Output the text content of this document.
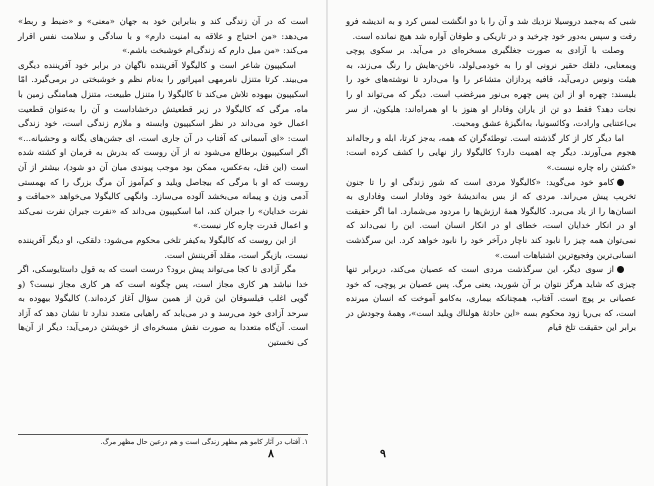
است كه در آن زندگی كند و بنابراین خود به جهان «معنی» و «ضبط و ربط» می‌دهد: «من احتیاج و علاقه به امنیت دارم» و با سادگی و سلامت نفس اقرار می‌كند: «من میل دارم كه زندگی‌ام خوشبخت باشم.»

اسكیپیون شاعر است و كالیگولا آفریننده ناگهان در برابر خود آفریننده دیگری می‌بیند. كرتا متنزل نامرمهی امپراتور را به‌نام نظم و خوشبختی در برمی‌گیرد. امّا اسكیپیون بیهوده تلاش می‌كند تا كالیگولا را متنزل طبیعت، متنزل همامنگی زمین با ماه، مرگی كه كالیگولا در زیر قطعیتش درخشاداست و آن را به‌عنوان قطعیت اعمال خود می‌داند در نظر اسكیپیون وابسته و ملازم زندگی است، خود زندگی است: «ای آسمانی كه آفتاب در آن جاری است، ای جشن‌های یگانه و وحشیانه...» اگر اسكیپیون برطالع می‌شود نه از آن روست كه بدرش به فرمان او كشته شده است (این قتل، به‌عكس، ممكن بود موجب پیوندی میان آن دو شود)، بیشتر از آن روست كه او با مرگی كه بیجاصل ویلید و كم‌آموز آن مرگ بزرگ را كه بهمستی آدمی وزن و پیمانه می‌بخشد آلوده می‌سازد. وانگهی كالیگولا می‌خواهد «حماقت و نفرت خدایان» را جبران كند، اما اسكیپیون می‌داند كه «نفرت جبران نفرت نمی‌كند و اعمال قدرت چاره كار نیست.»

از این روست كه كالیگولا به‌كیفر تلخی محكوم می‌شود: دلقكی، او دیگر آفریننده نیست، بازیگر است، مقلد آفریننش است.

مگر آزادی تا كجا می‌تواند پیش برود؟ درست است كه به قول داستایوسكی، اگر خدا نباشد هر كاری مجاز است، پس چگونه است كه هر كاری مجاز نیست؟ (و گویی اغلب فیلسوفان این قرن از همین سؤال آغاز كرده‌اند.) كالیگولا بیهوده به سرحد آزادی خود می‌رسد و در می‌یابد كه راهیابی متعدد ندارد تا نشان دهد كه آزاد است. آن‌گاه متعددا به صورت نقش مسخره‌ای از خویشتن درمی‌آید: دیگر از آن‌ها كی نخستین

١. آفتاب در آثار كامو هم مظهر زندگی است و هم درعین حال مظهر مرگ.
٨

شبی كه به‌جمد دروسیلا نزدیك شد و آن را با دو انگشت لمس كرد و به اندیشه فرو رفت و سپس به‌دور خود چرخید و در تاریكی و طوفان آواره شد هیچ نمانده است.

وصلت با آزادی به صورت جغلگیری مسخره‌ای در می‌آید. بر سكوی پوچی ویمعنایی، دلقك حقیر نرونی او را به خودمی‌لولد، ناخن-هایش را رنگ می‌زند، به هیئت ونوس درمی‌آید، قافیه پردازان متشاعر را وا می‌دارد تا نوشته‌های خود را بلیسند: چهره او از این پس چهره بی‌نور میرغضب است. دیگر كه می‌تواند او را نجات دهد؟ فقط دو تن از یاران وفادار او هنوز با او همراه‌اند: هلیكون، از سر بی‌اعتنایی وارادت، وكائسونیا، به‌انگیزهٔ عشق ومحبت.

اما دیگر كار از كار گذشته است. توطئه‌گران كه همه، به‌جز كرتا، ابله و رجاله‌اند هجوم می‌آورند. دیگر چه اهمیت دارد؟ كالیگولا راز نهایی را كشف كرده است: «كشتن راه چاره نیست.»

كامو خود می‌گوید: «كالیگولا مردی است كه شور زندگی او را تا جنون تخریب پیش می‌راند. مردی كه از بس به‌اندیشهٔ خود وفادار است وفاداری به انسان‌ها را از یاد می‌برد. كالیگولا همهٔ ارزش‌ها را مردود می‌شمارد. اما اگر حقیقت او در انكار خدایان است، خطای او در انكار انسان است. این را نمی‌داند كه نمی‌توان همه چیز را نابود كند ناچار درآخر خود را نابود خواهد كرد. این سرگذشت انسانی‌ترین وفجیع‌ترین اشتباهات است.»

از سوی دیگر، این سرگذشت مردی است كه عصیان می‌كند، دربرابر تنها چیزی كه شاید هرگز نتوان بر آن شورید، یعنی مرگ. پس عصیان بر پوچی، كه خود عصیانی بر پوچ است. آفتاب، همچنانكه بیماری، به‌كامو آموخت كه انسان میرنده است، كه بی‌ریا زود محكوم بسه «این حادثهٔ هولناك ویلید است»، وهمهٔ وجودش در برابر این حقیقت تلخ قیام

٩
